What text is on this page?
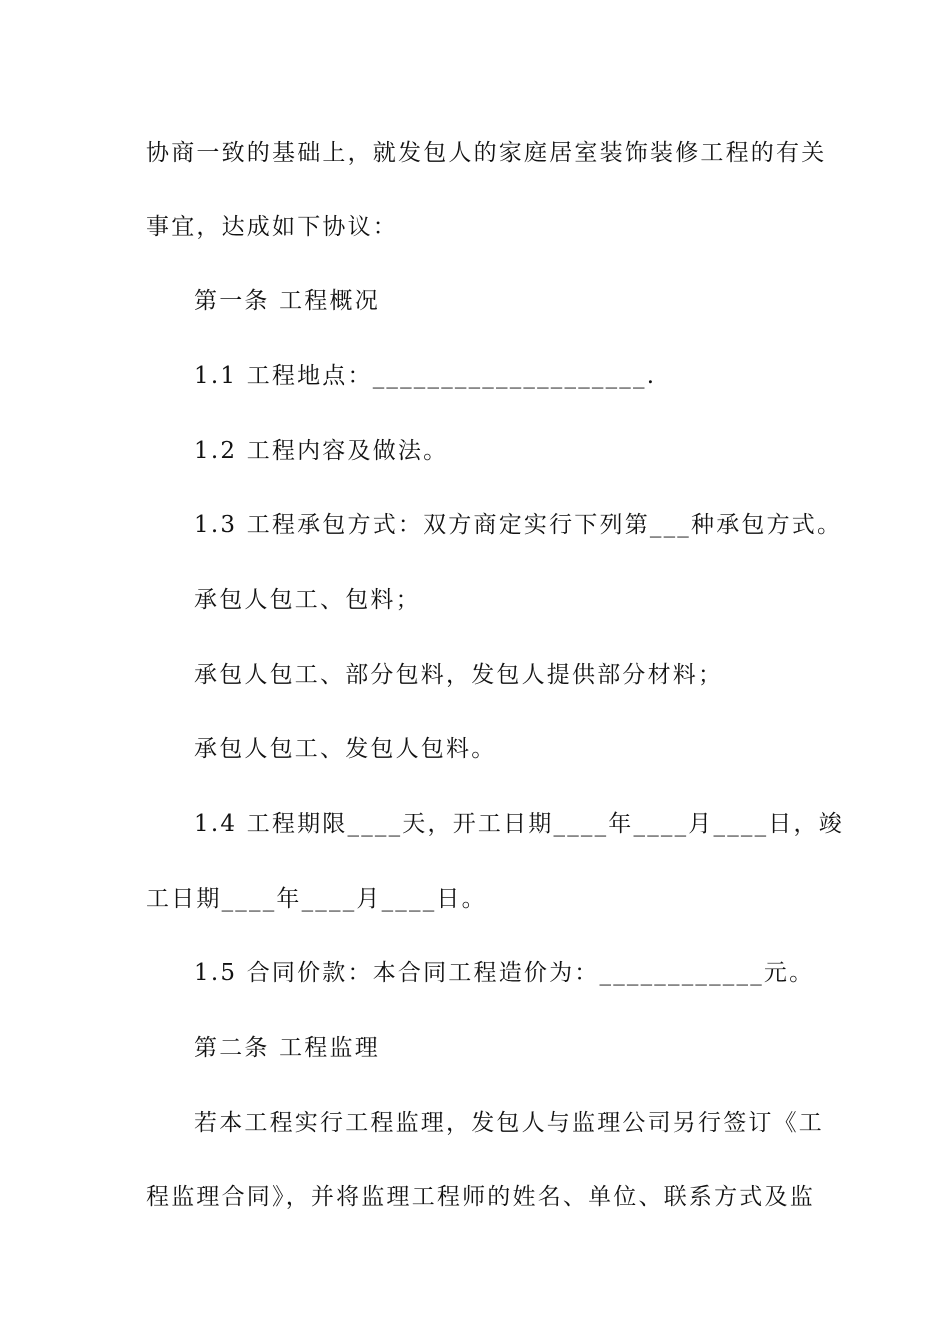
协商一致的基础上，就发包人的家庭居室装饰装修工程的有关
事宜，达成如下协议：
第一条 工程概况
1.1 工程地点：____________________.
1.2 工程内容及做法。
1.3 工程承包方式：双方商定实行下列第___种承包方式。
承包人包工、包料；
承包人包工、部分包料，发包人提供部分材料；
承包人包工、发包人包料。
1.4 工程期限____天，开工日期____年____月____日，竣
工日期____年____月____日。
1.5 合同价款：本合同工程造价为：____________元。
第二条 工程监理
若本工程实行工程监理，发包人与监理公司另行签订《工
程监理合同》，并将监理工程师的姓名、单位、联系方式及监
